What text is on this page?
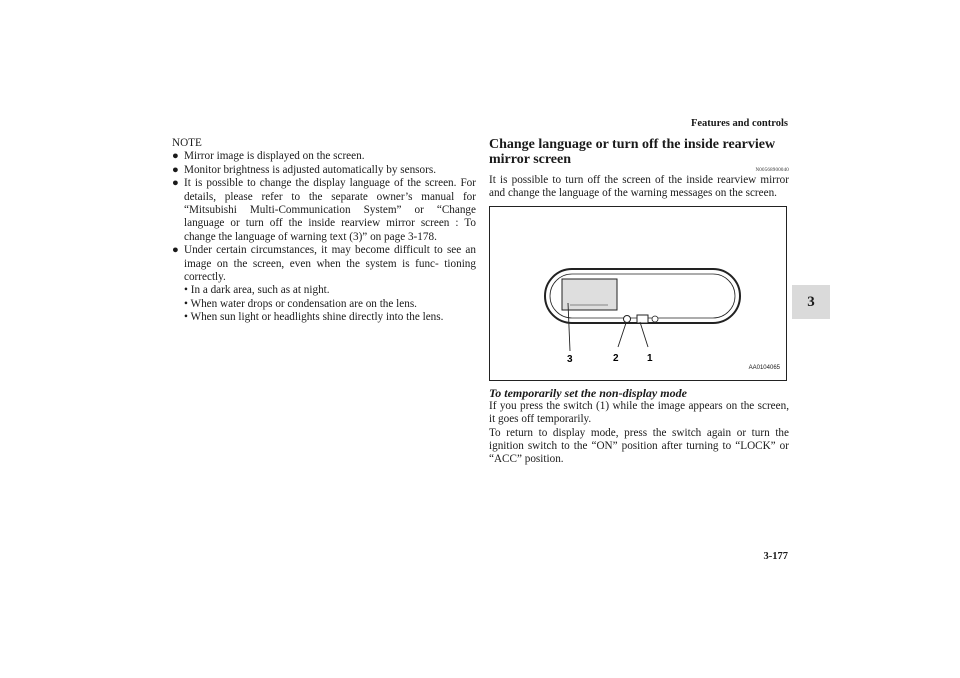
Features and controls
3

NOTE

● Mirror image is displayed on the screen.

● Monitor brightness is adjusted automatically by sensors.

● It is possible to change the display language of the screen. For details, please refer to the separate owner’s manual for “Mitsubishi Multi-Communication System” or “Change language or turn off the inside rearview mirror screen : To change the language of warning text (3)” on page 3-178.

● Under certain circumstances, it may become difficult to see an image on the screen, even when the system is func- tioning correctly.

• In a dark area, such as at night.

• When water drops or condensation are on the lens.

• When sun light or headlights shine directly into the lens.

Change language or turn off the inside rearview mirror screen
N00568900040

It is possible to turn off the screen of the inside rearview mirror and change the language of the warning messages on the screen.

3	2	1
AA0104065
To temporarily set the non-display mode

If you press the switch (1) while the image appears on the screen, it goes off temporarily.

To return to display mode, press the switch again or turn the ignition switch to the “ON” position after turning to “LOCK” or “ACC” position.

3-177
